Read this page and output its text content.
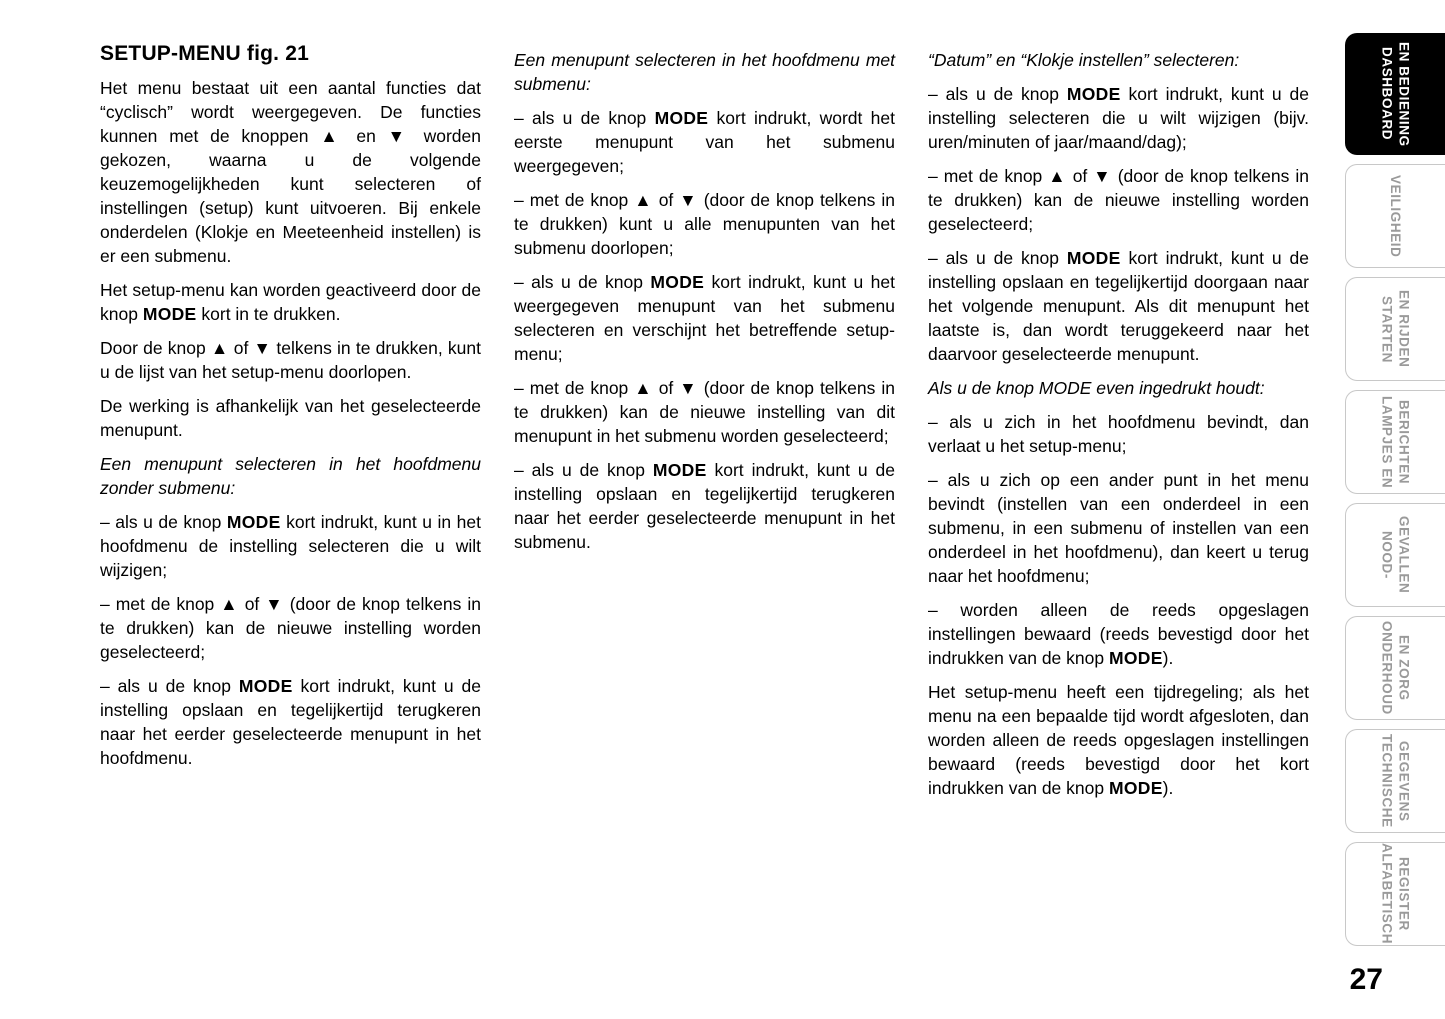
SETUP-MENU fig. 21

Het menu bestaat uit een aantal functies dat “cyclisch” wordt weergegeven. De functies kunnen met de knoppen ▲ en ▼ worden gekozen, waarna u de volgende keuzemogelijkheden kunt selecteren of instellingen (setup) kunt uitvoeren. Bij enkele onderdelen (Klokje en Meeteenheid instellen) is er een submenu.

Het setup-menu kan worden geactiveerd door de knop MODE kort in te drukken.

Door de knop ▲ of ▼ telkens in te drukken, kunt u de lijst van het setup-menu doorlopen.

De werking is afhankelijk van het geselecteerde menupunt.

Een menupunt selecteren in het hoofdmenu zonder submenu:

– als u de knop MODE kort indrukt, kunt u in het hoofdmenu de instelling selecteren die u wilt wijzigen;

– met de knop ▲ of ▼ (door de knop telkens in te drukken) kan de nieuwe instelling worden geselecteerd;

– als u de knop MODE kort indrukt, kunt u de instelling opslaan en tegelijkertijd terugkeren naar het eerder geselecteerde menupunt in het hoofdmenu.

Een menupunt selecteren in het hoofdmenu met submenu:

– als u de knop MODE kort indrukt, wordt het eerste menupunt van het submenu weergegeven;

– met de knop ▲ of ▼ (door de knop telkens in te drukken) kunt u alle menupunten van het submenu doorlopen;

– als u de knop MODE kort indrukt, kunt u het weergegeven menupunt van het submenu selecteren en verschijnt het betreffende setup-menu;

– met de knop ▲ of ▼ (door de knop telkens in te drukken) kan de nieuwe instelling van dit menupunt in het submenu worden geselecteerd;

– als u de knop MODE kort indrukt, kunt u de instelling opslaan en tegelijkertijd terugkeren naar het eerder geselecteerde menupunt in het submenu.

“Datum” en “Klokje instellen” selecteren:

– als u de knop MODE kort indrukt, kunt u de instelling selecteren die u wilt wijzigen (bijv. uren/minuten of jaar/maand/dag);

– met de knop ▲ of ▼ (door de knop telkens in te drukken) kan de nieuwe instelling worden geselecteerd;

– als u de knop MODE kort indrukt, kunt u de instelling opslaan en tegelijkertijd doorgaan naar het volgende menupunt. Als dit menupunt het laatste is, dan wordt teruggekeerd naar het daarvoor geselecteerde menupunt.

Als u de knop MODE even ingedrukt houdt:

– als u zich in het hoofdmenu bevindt, dan verlaat u het setup-menu;

– als u zich op een ander punt in het menu bevindt (instellen van een onderdeel in een submenu, in een submenu of instellen van een onderdeel in het hoofdmenu), dan keert u terug naar het hoofdmenu;

– worden alleen de reeds opgeslagen instellingen bewaard (reeds bevestigd door het indrukken van de knop MODE).

Het setup-menu heeft een tijdregeling; als het menu na een bepaalde tijd wordt afgesloten, dan worden alleen de reeds opgeslagen instellingen bewaard (reeds bevestigd door het kort indrukken van de knop MODE).

DASHBOARD EN BEDIENING
VEILIGHEID
STARTEN EN RIJDEN
LAMPJES EN BERICHTEN
NOOD- GEVALLEN
ONDERHOUD EN ZORG
TECHNISCHE GEGEVENS
ALFABETISCH REGISTER
27
